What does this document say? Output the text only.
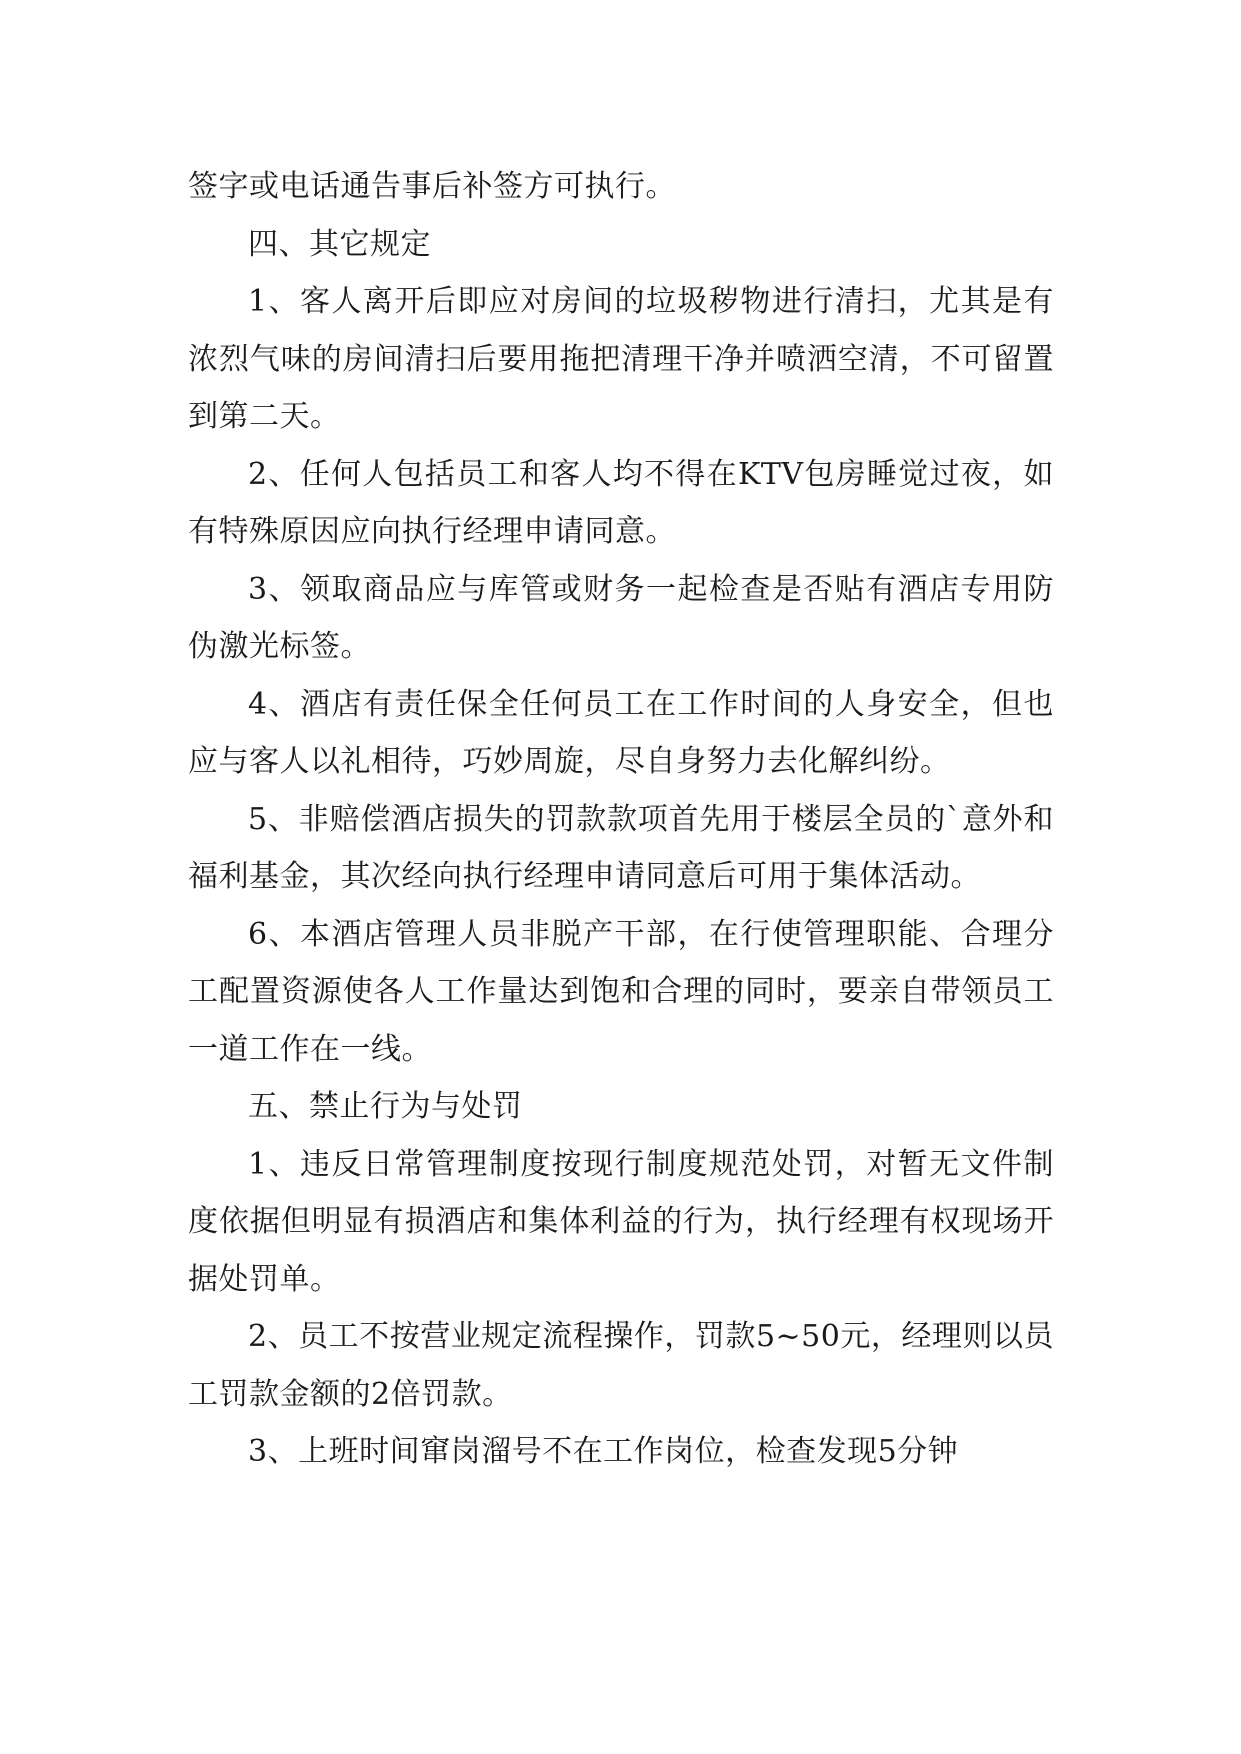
签字或电话通告事后补签方可执行。

四、其它规定

1、客人离开后即应对房间的垃圾秽物进行清扫，尤其是有浓烈气味的房间清扫后要用拖把清理干净并喷洒空清，不可留置到第二天。

2、任何人包括员工和客人均不得在KTV包房睡觉过夜，如有特殊原因应向执行经理申请同意。

3、领取商品应与库管或财务一起检查是否贴有酒店专用防伪激光标签。

4、酒店有责任保全任何员工在工作时间的人身安全，但也应与客人以礼相待，巧妙周旋，尽自身努力去化解纠纷。

5、非赔偿酒店损失的罚款款项首先用于楼层全员的`意外和福利基金，其次经向执行经理申请同意后可用于集体活动。

6、本酒店管理人员非脱产干部，在行使管理职能、合理分工配置资源使各人工作量达到饱和合理的同时，要亲自带领员工一道工作在一线。

五、禁止行为与处罚

1、违反日常管理制度按现行制度规范处罚，对暂无文件制度依据但明显有损酒店和集体利益的行为，执行经理有权现场开据处罚单。

2、员工不按营业规定流程操作，罚款5~50元，经理则以员工罚款金额的2倍罚款。

3、上班时间窜岗溜号不在工作岗位，检查发现5分钟
